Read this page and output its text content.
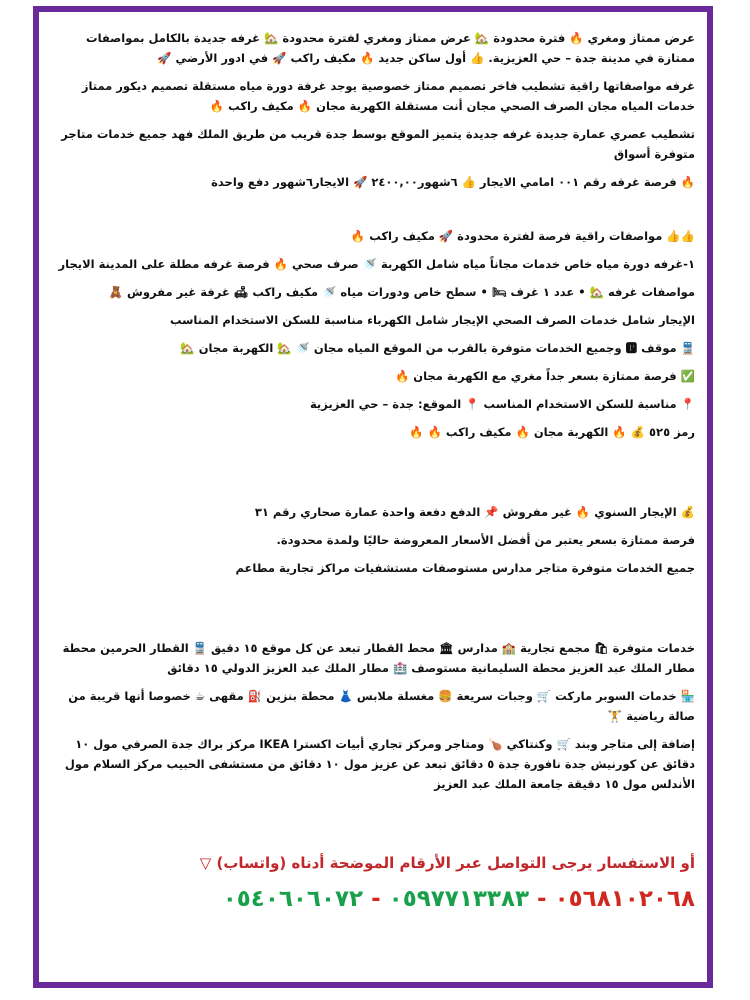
عرض ممتاز ومغري 🔥 فترة محدودة 🏡 عرض ممتاز ومغري لفترة محدودة 🏡 غرفه جديدة بالكامل بمواصفات ممتازة في مدينة جدة – حي العزيزية. 👍 أول ساكن جديد 🔥 مكيف راكب 🚀 في ادور الأرضي 🚀

غرفه مواصفاتها راقية تشطيب فاخر تصميم ممتاز خصوصية يوجد غرفة دورة مياه مستقلة تصميم ديكور ممتاز خدمات المياه مجان الصرف الصحي مجان أنت مستقلة الكهربة مجان 🔥 مكيف راكب 🔥

تشطيب عصري عمارة جديدة غرفه جديدة يتميز الموقع بوسط جدة قريب من طريق الملك فهد جميع خدمات متاجر متوفرة أسواق

🔥 فرصة غرفه رقم ٠٠١ امامي الايجار 👍 ٦شهور٢٤٠٠,٠٠ 🚀 الايجار٦شهور دفع واحدة

👍👍 مواصفات راقية فرصة لفترة محدودة 🚀 مكيف راكب 🔥

١-غرفه دورة مياه خاص خدمات مجاناً مياه شامل الكهربة 🚿 صرف صحي 🔥 فرصة غرفه مطلة على المدينة الايجار

مواصفات غرفه 🏡 • عدد ١ غرف 🛏 • سطح خاص ودورات مياه 🚿 مكيف راكب 🛋 غرفة غير مفروش 🧸

الإيجار شامل خدمات الصرف الصحي الإيجار شامل الكهرباء مناسبة للسكن الاستخدام المناسب

🚆 موقف 🅿 وجميع الخدمات متوفرة بالقرب من الموقع المياه مجان 🚿 🏡 الكهربة مجان 🏡

✅ فرصة ممتازة بسعر جداً مغري مع الكهربة مجان 🔥

📍 مناسبة للسكن الاستخدام المناسب 📍 الموقع: جدة – حي العزيزية

رمز ٥٢٥ 💰 🔥 الكهربة مجان 🔥 مكيف راكب 🔥 🔥

💰 الإيجار السنوي 🔥 غير مفروش 📌 الدفع دفعة واحدة عمارة صحاري رقم ٣١

فرصة ممتازة بسعر يعتبر من أفضل الأسعار المعروضة حاليًا ولمدة محدودة.

جميع الخدمات متوفرة متاجر مدارس مستوصفات مستشفيات مراكز تجارية مطاعم

خدمات متوفرة 🛍 مجمع تجارية 🏫 مدارس 🏛 محط القطار تبعد عن كل موقع ١٥ دقيق 🚆 القطار الحرمين محطة مطار الملك عبد العزيز محطة السليمانية مستوصف 🏥 مطار الملك عبد العزيز الدولي ١٥ دقائق

🏪 خدمات السوبر ماركت 🛒 وجبات سريعة 🍔 مغسلة ملابس 👗 محطة بنزين ⛽ مقهى ☕ خصوصا أنها قريبة من صالة رياضية 🏋

إضافة إلى متاجر وبند 🛒 وكنتاكي 🍗 ومتاجر ومركز تجاري أبيات اكسترا IKEA مركز براك جدة الصرفي مول ١٠ دقائق عن كورنيش جدة نافورة جدة ٥ دقائق تبعد عن عزيز مول ١٠ دقائق من مستشفى الحبيب مركز السلام مول الأندلس مول ١٥ دقيقة جامعة الملك عبد العزيز

أو الاستفسار يرجى التواصل عبر الأرقام الموضحة أدناه (واتساب) ▽

٠٥٦٨١٠٢٠٦٨ - ٠٥٩٧٧١٣٣٨٣ - ٠٥٤٠٦٠٦٠٧٢
